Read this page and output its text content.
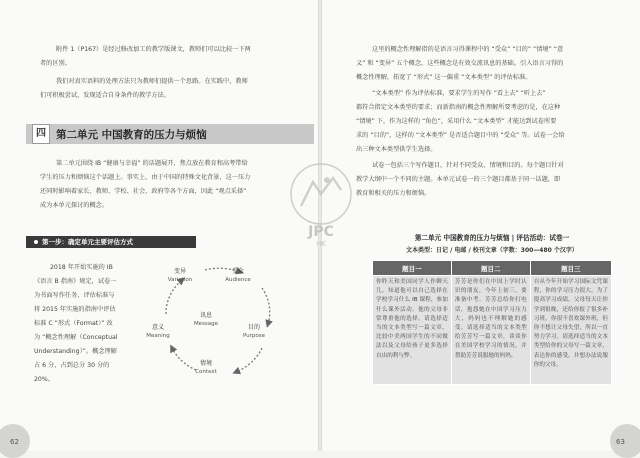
附件 1（P167）是经过修改加工的教学版课文，教师们可以比较一下两
者的区别。
我们对真实语料的处理方法只为教师们提供一个思路。在实践中，教师
们可积极尝试，发现适合自身条件的教学方法。
四 第二单元 中国教育的压力与烦恼
第二单元围绕 IB “健康与幸福” 的话题展开，焦点放在教育和高考带给
学生的压力和烦恼这个话题上。事实上，由于中国的特殊文化背景，这一压力
还同时影响着家长、教师、学校、社会、政府等各个方面，因此 “观点采择”
成为本单元探讨的概念。
第一步：确定单元主要评估方式
2018 年开始实施的 IB
《语言 B 指南》规定，试卷一
为书面写作任务，评估标准与
将 2015 年实施的指南中评估
标准 C “形式（Format）” 改
为 “概念性理解（Conceptual
Understanding）”。概念理解
占 6 分，占到总分 30 分的
20%。
变异
Variation
受众
Audience
目的
Purpose
情境
Context
意义
Meaning
讯息
Message
62
这里的概念性理解指的是语言习得课程中的 “受众” “目的” “情境” “意
义” 和 “变异” 五个概念，这些概念是有效交流讯息的基础。引入语言习得的
概念性理解，拓宽了 “形式” 这一偏重 “文本类型” 的评估标准。
“文本类型” 作为评估标准，要求学生的写作 “看上去” “听上去”
都符合指定文本类型的要求；而新指南的概念性理解所要考虑的是，在这种
“情境” 下，作为这样的 “角色”，采用什么 “文本类型” 才能达到试卷所要
求的 “目的”，这样的 “文本类型” 是否适合题目中的 “受众” 等。试卷一会给
出三种文本类型供学生选择。
试卷一包括三个写作题目，针对不同受众、情境和目的。每个题目针对
教学大纲中一个不同的主题。本单元试卷一的三个题目都基于同一话题，即
教育和相关的压力和烦恼。
63
第二单元 中国教育的压力与烦恼 | 评估活动：试卷一
文本类型：日记 / 电邮 / 校刊文章（字数：300—480 个汉字）
题目一	题目二	题目三
你昨天和美国同学人作聊天儿，知道他可以自己选择在学校学习什么 IB 课程，参加什么课外活动。他的父母非常尊重他的选择。请选择适当的文本类型写一篇文章，比较中美两国学生的不同做法以及父母给孩子更多选择自由的利与弊。	芳芳是你们在中国上学时认识的朋友，今年上初三，要准备中考。芳芳总给你打电话，抱怨她在中国学习压力大，妈妈也不理解她的感受。请选择适当的文本类型给芳芳写一篇文章，谈谈你在美国学校学习的情况，并帮助芳芳说服她的妈妈。	自从今年开始学习国际文凭课程，你的学习压力很大。为了提高学习成绩，父母每天让你学到很晚，还给你报了很多补习班。你很不喜欢课外班，但你不想让父母失望，所以一直努力学习。请选择适当的文本类型给你的父母写一篇文章，表达你的感受，并想办法说服你的父母。
JPC
HK
